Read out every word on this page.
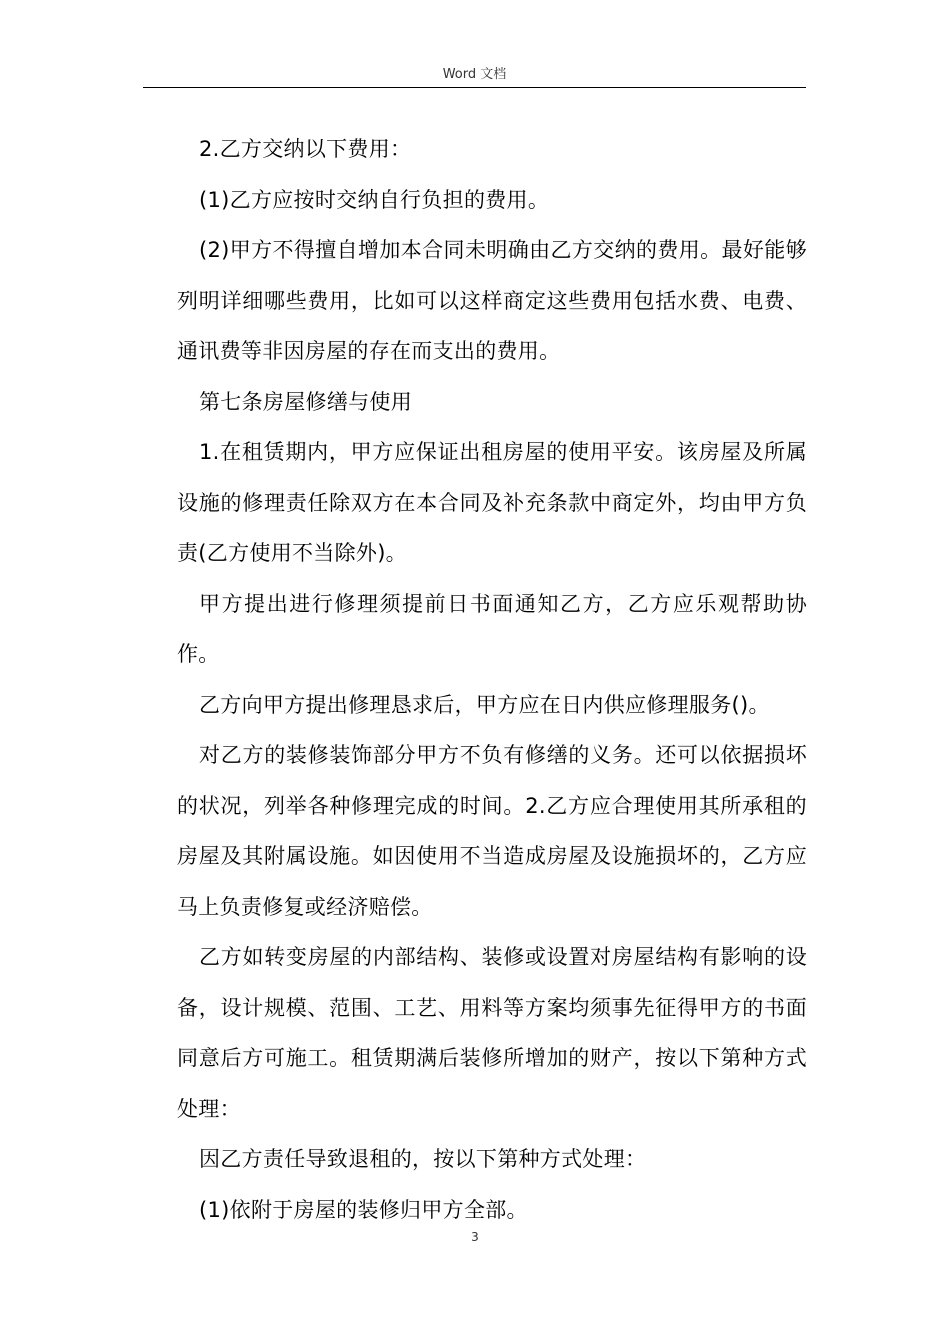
Word 文档

2.乙方交纳以下费用：

(1)乙方应按时交纳自行负担的费用。

(2)甲方不得擅自增加本合同未明确由乙方交纳的费用。最好能够列明详细哪些费用，比如可以这样商定这些费用包括水费、电费、通讯费等非因房屋的存在而支出的费用。

第七条房屋修缮与使用

1.在租赁期内，甲方应保证出租房屋的使用平安。该房屋及所属设施的修理责任除双方在本合同及补充条款中商定外，均由甲方负责(乙方使用不当除外)。

甲方提出进行修理须提前日书面通知乙方，乙方应乐观帮助协作。

乙方向甲方提出修理恳求后，甲方应在日内供应修理服务()。

对乙方的装修装饰部分甲方不负有修缮的义务。还可以依据损坏的状况，列举各种修理完成的时间。2.乙方应合理使用其所承租的房屋及其附属设施。如因使用不当造成房屋及设施损坏的，乙方应马上负责修复或经济赔偿。

乙方如转变房屋的内部结构、装修或设置对房屋结构有影响的设备，设计规模、范围、工艺、用料等方案均须事先征得甲方的书面同意后方可施工。租赁期满后装修所增加的财产，按以下第种方式处理：

因乙方责任导致退租的，按以下第种方式处理：

(1)依附于房屋的装修归甲方全部。

3
